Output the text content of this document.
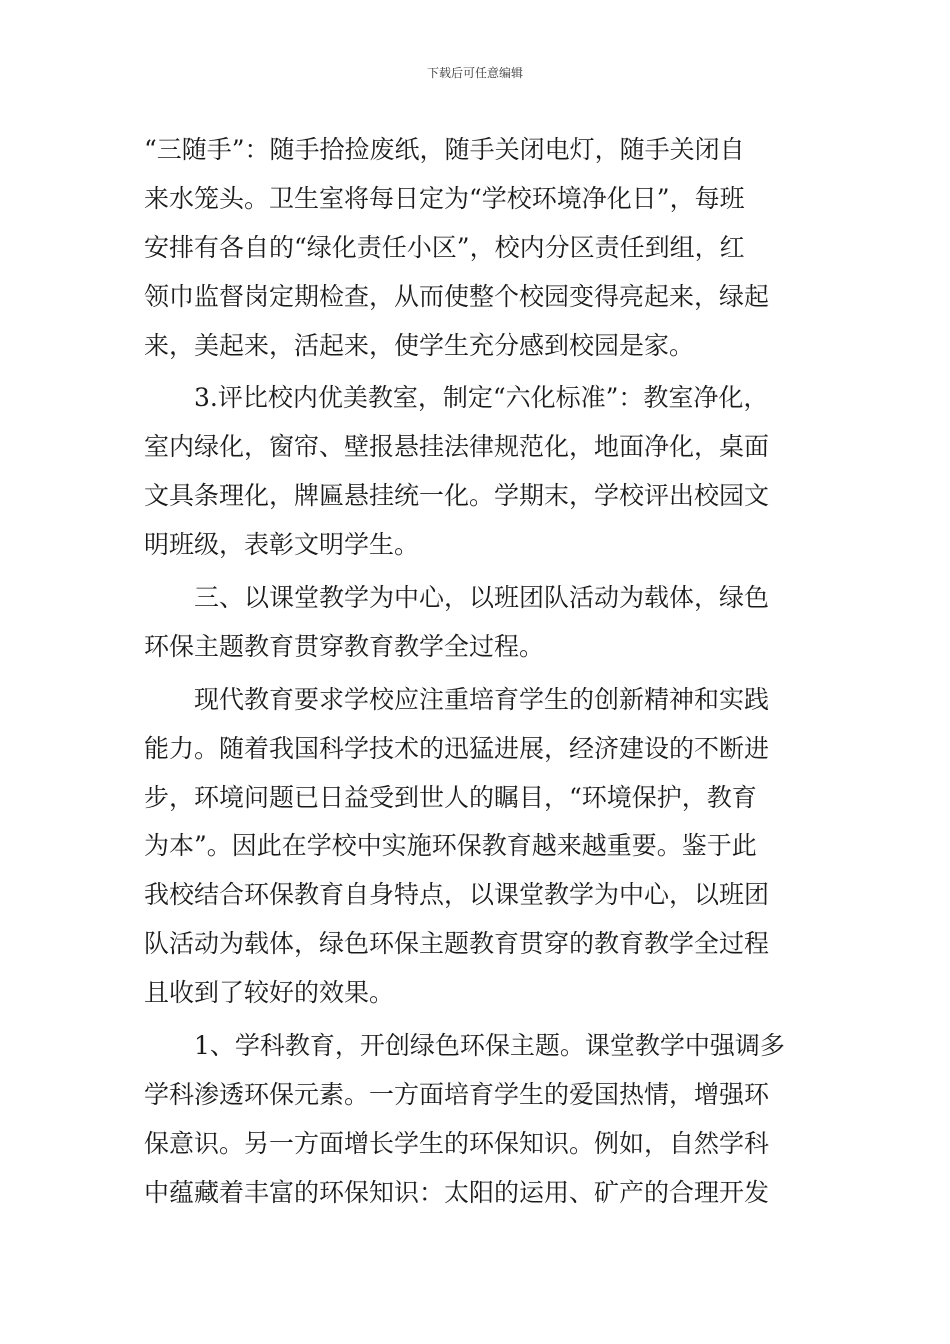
下载后可任意编辑
“三随手”：随手拾捡废纸，随手关闭电灯，随手关闭自
来水笼头。卫生室将每日定为“学校环境净化日”，每班
安排有各自的“绿化责任小区”，校内分区责任到组，红
领巾监督岗定期检查，从而使整个校园变得亮起来，绿起
来，美起来，活起来，使学生充分感到校园是家。
3.评比校内优美教室，制定“六化标准”：教室净化，
室内绿化，窗帘、壁报悬挂法律规范化，地面净化，桌面
文具条理化，牌匾悬挂统一化。学期末，学校评出校园文
明班级，表彰文明学生。
三、以课堂教学为中心，以班团队活动为载体，绿色
环保主题教育贯穿教育教学全过程。
现代教育要求学校应注重培育学生的创新精神和实践
能力。随着我国科学技术的迅猛进展，经济建设的不断进
步，环境问题已日益受到世人的瞩目，“环境保护，教育
为本”。因此在学校中实施环保教育越来越重要。鉴于此
我校结合环保教育自身特点，以课堂教学为中心，以班团
队活动为载体，绿色环保主题教育贯穿的教育教学全过程
且收到了较好的效果。
1、学科教育，开创绿色环保主题。课堂教学中强调多
学科渗透环保元素。一方面培育学生的爱国热情，增强环
保意识。另一方面增长学生的环保知识。例如，自然学科
中蕴藏着丰富的环保知识：太阳的运用、矿产的合理开发
